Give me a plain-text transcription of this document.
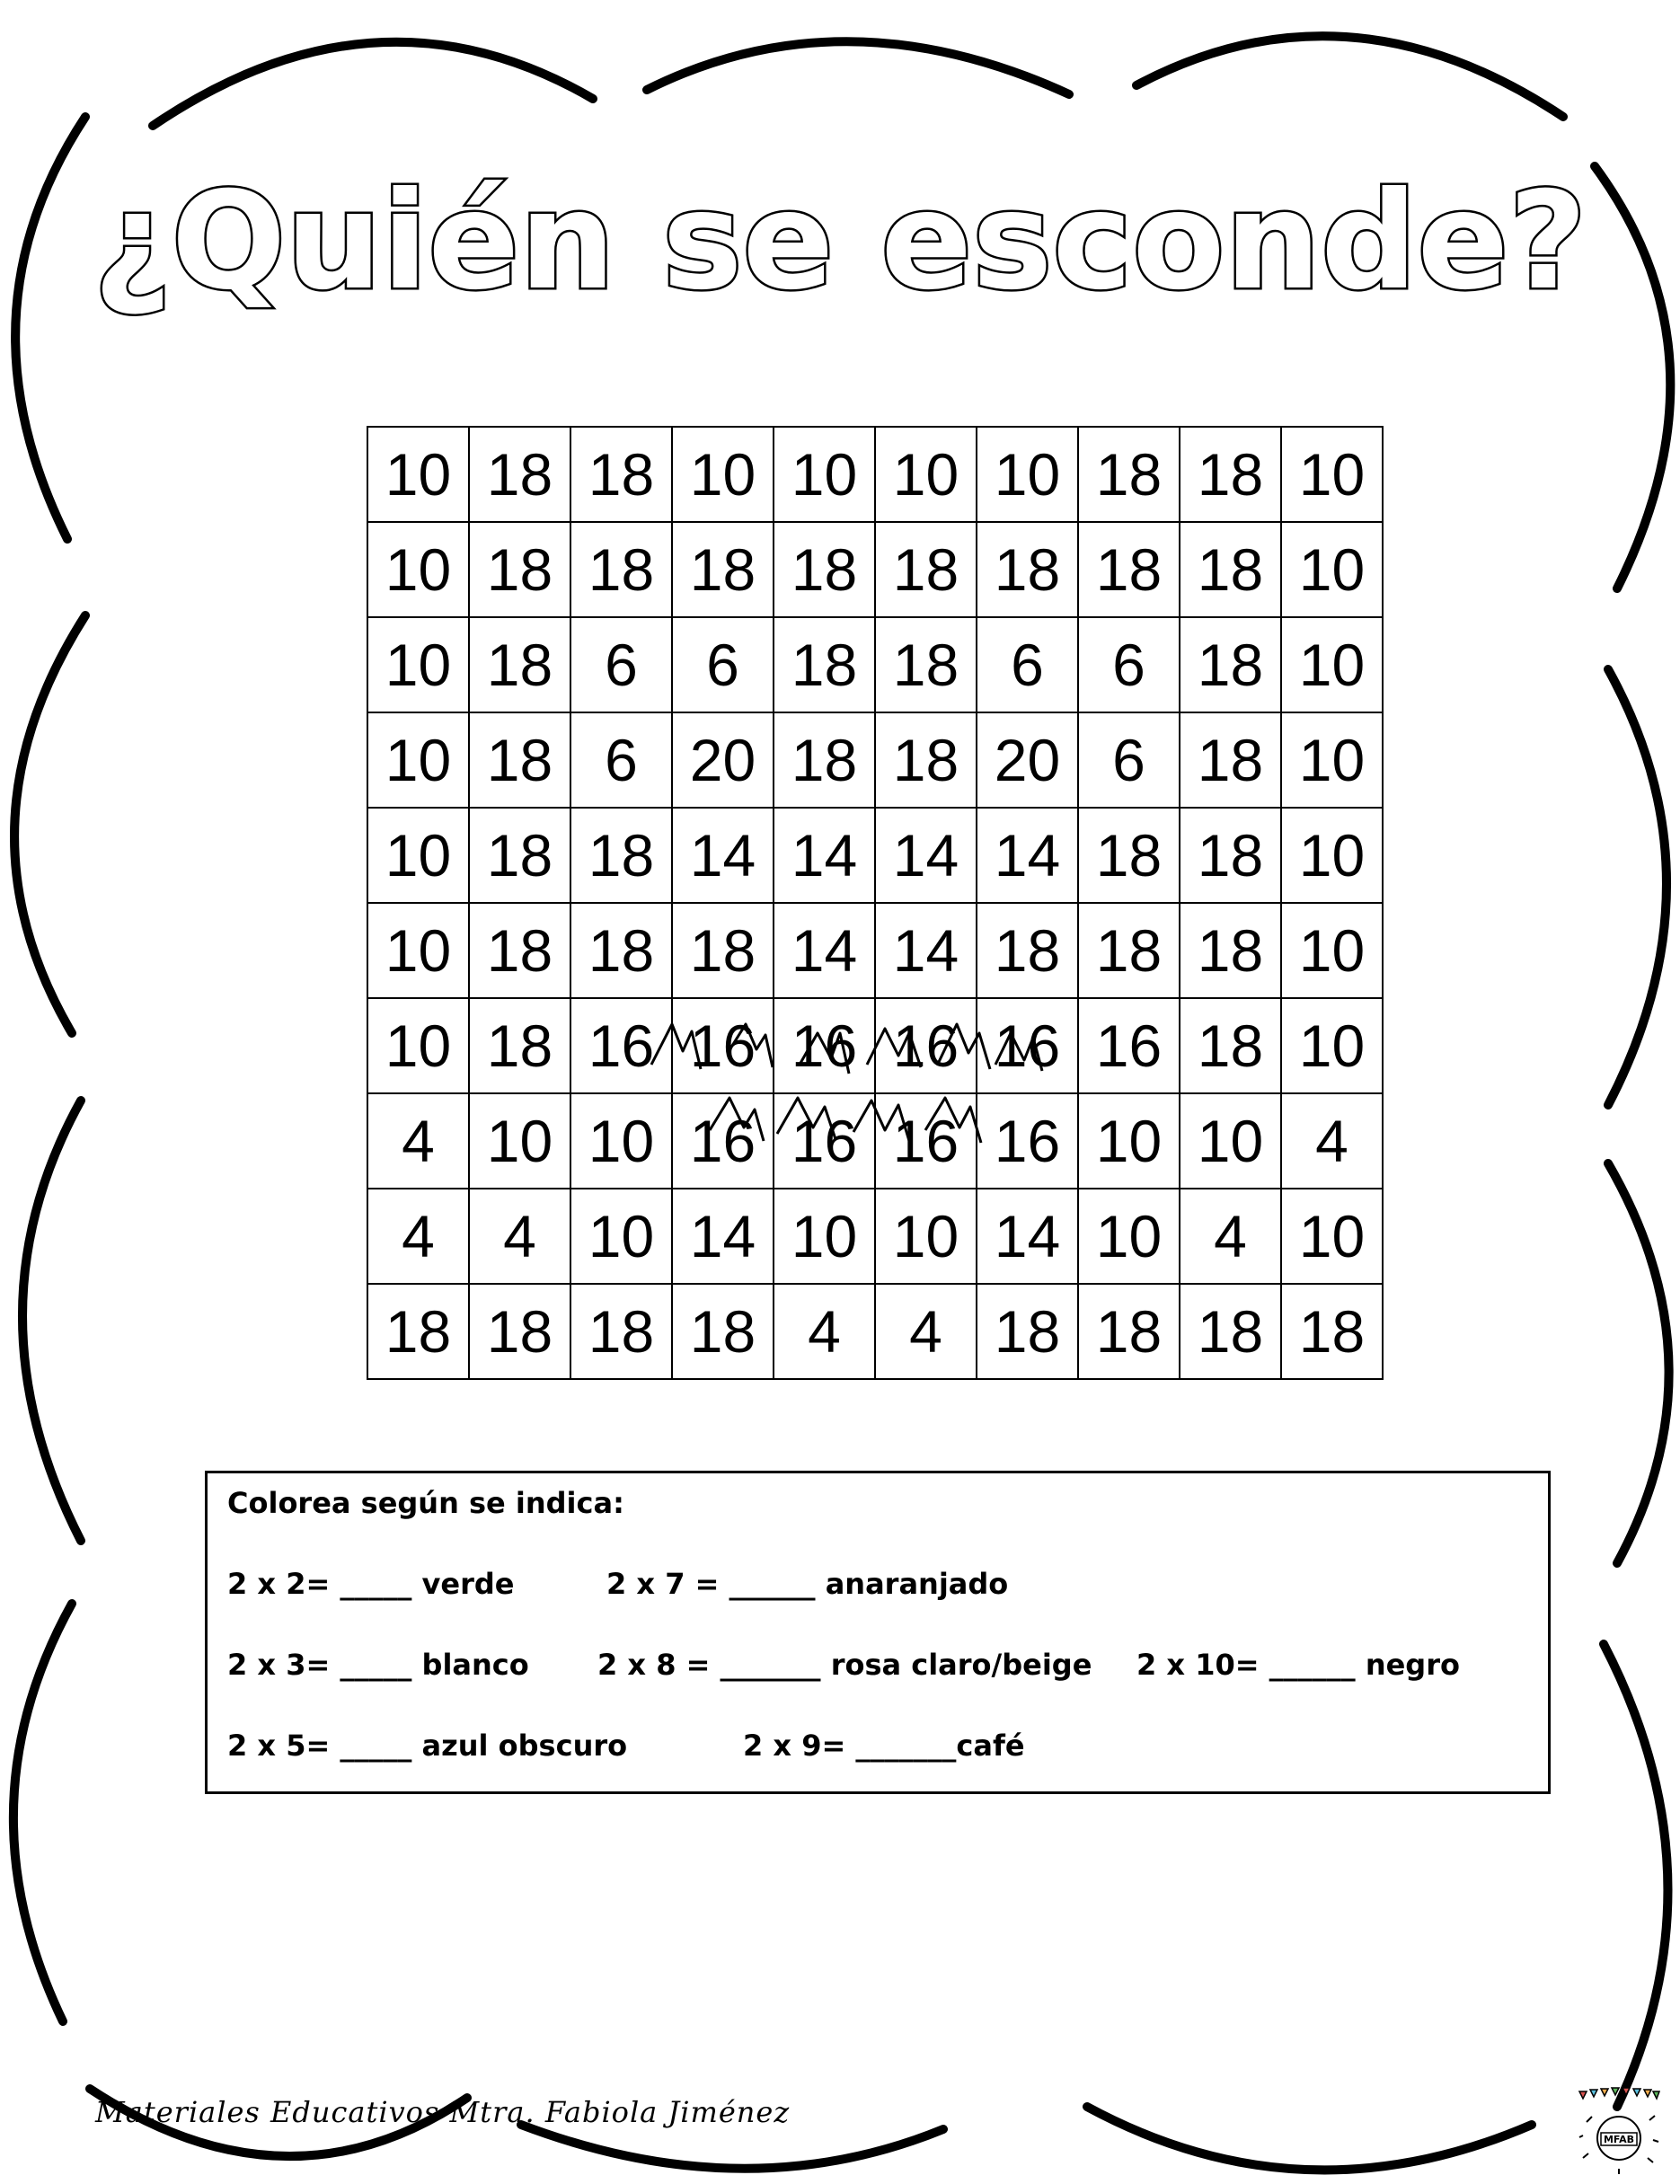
¿Quién se esconde?
10	18	18	10	10	10	10	18	18	10
10	18	18	18	18	18	18	18	18	10
10	18	6	6	18	18	6	6	18	10
10	18	6	20	18	18	20	6	18	10
10	18	18	14	14	14	14	18	18	10
10	18	18	18	14	14	18	18	18	10
10	18	16	16	16	16	16	16	18	10
4	10	10	16	16	16	16	10	10	4
4	4	10	14	10	10	14	10	4	10
18	18	18	18	4	4	18	18	18	18
Colorea según se indica:
2 x 2= _____ verde	2 x 7 = ______ anaranjado
2 x 3= _____ blanco 2 x 8 = _______ rosa claro/beige 2 x 10= ______ negro
2 x 5= _____ azul obscuro	2 x 9= _______café
Materiales Educativos Mtra. Fabiola Jiménez
MFAB
